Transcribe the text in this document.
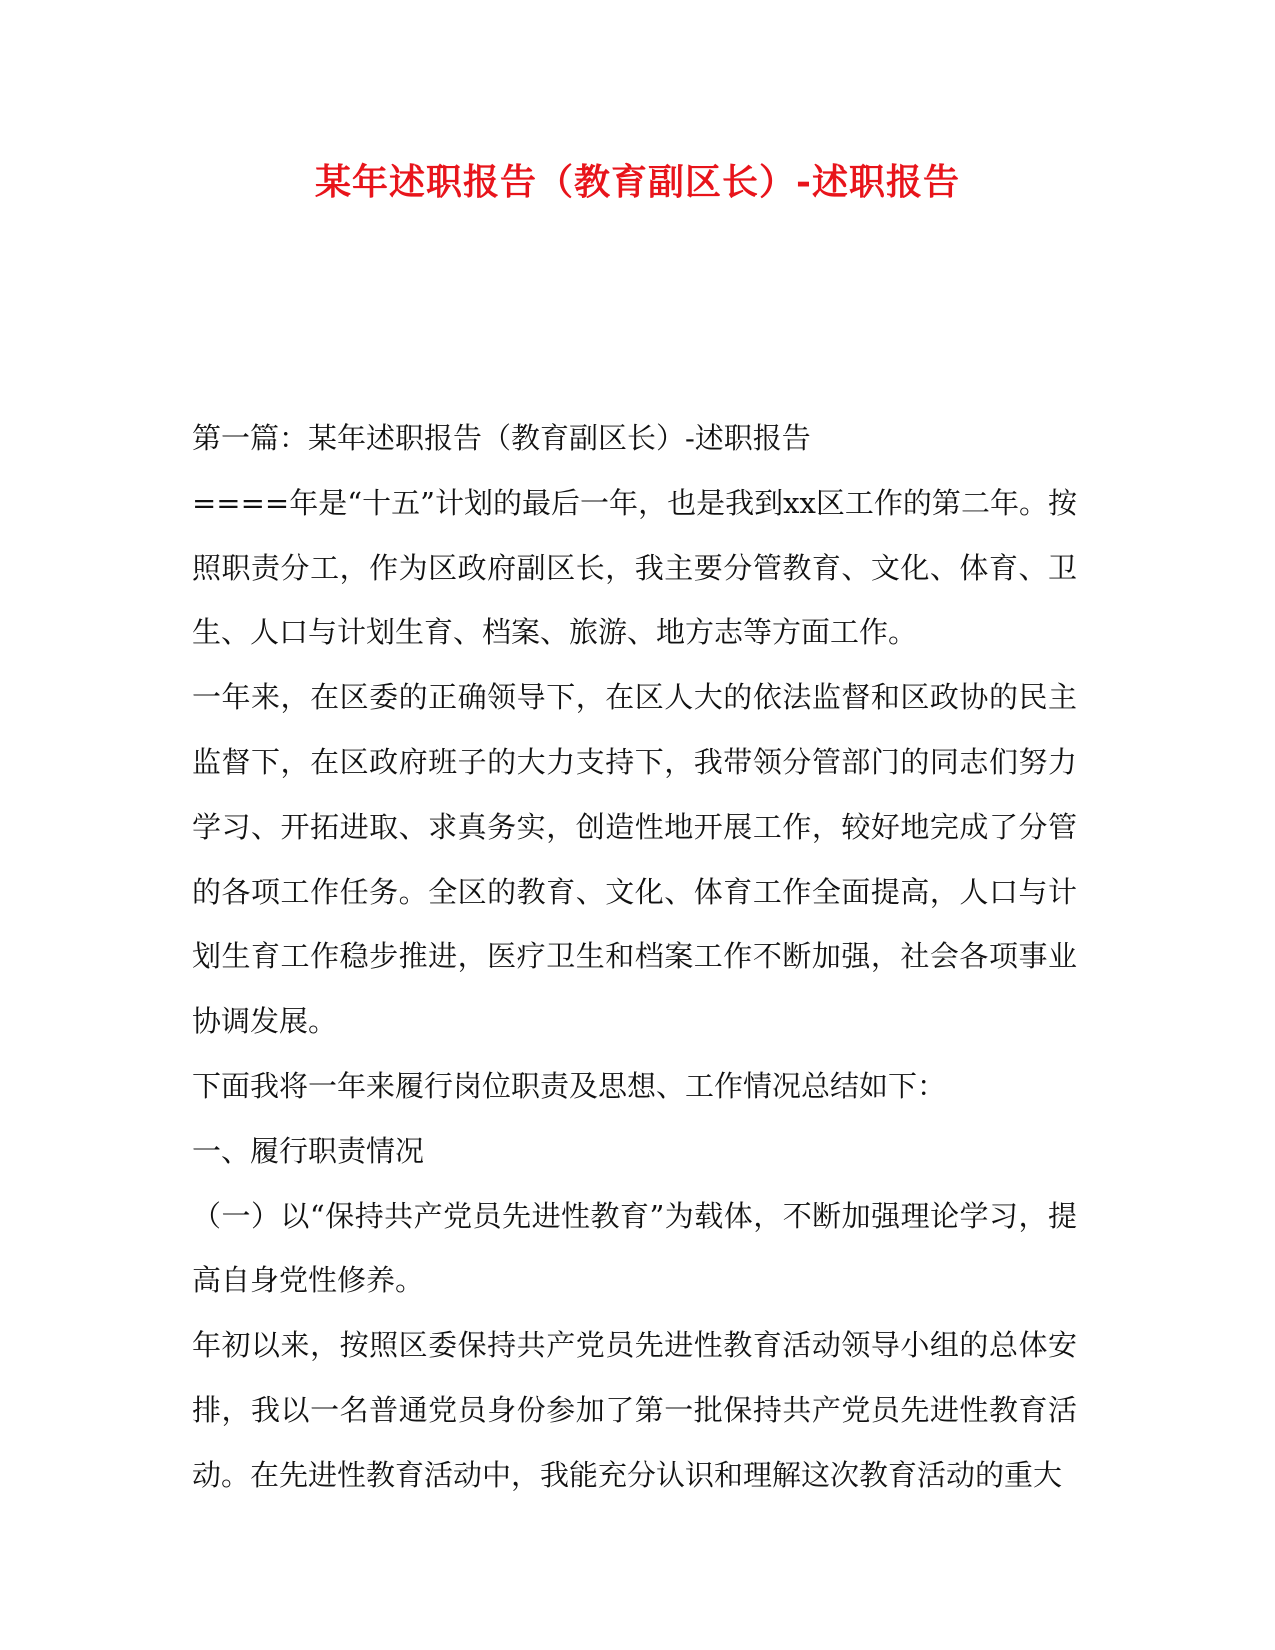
某年述职报告（教育副区长）-述职报告

第一篇：某年述职报告（教育副区长）-述职报告

====年是“十五”计划的最后一年，也是我到xx区工作的第二年。按照职责分工，作为区政府副区长，我主要分管教育、文化、体育、卫生、人口与计划生育、档案、旅游、地方志等方面工作。

一年来，在区委的正确领导下，在区人大的依法监督和区政协的民主监督下，在区政府班子的大力支持下，我带领分管部门的同志们努力学习、开拓进取、求真务实，创造性地开展工作，较好地完成了分管的各项工作任务。全区的教育、文化、体育工作全面提高，人口与计划生育工作稳步推进，医疗卫生和档案工作不断加强，社会各项事业协调发展。

下面我将一年来履行岗位职责及思想、工作情况总结如下：

一、履行职责情况

（一）以“保持共产党员先进性教育”为载体，不断加强理论学习，提高自身党性修养。

年初以来，按照区委保持共产党员先进性教育活动领导小组的总体安排，我以一名普通党员身份参加了第一批保持共产党员先进性教育活动。在先进性教育活动中，我能充分认识和理解这次教育活动的重大
